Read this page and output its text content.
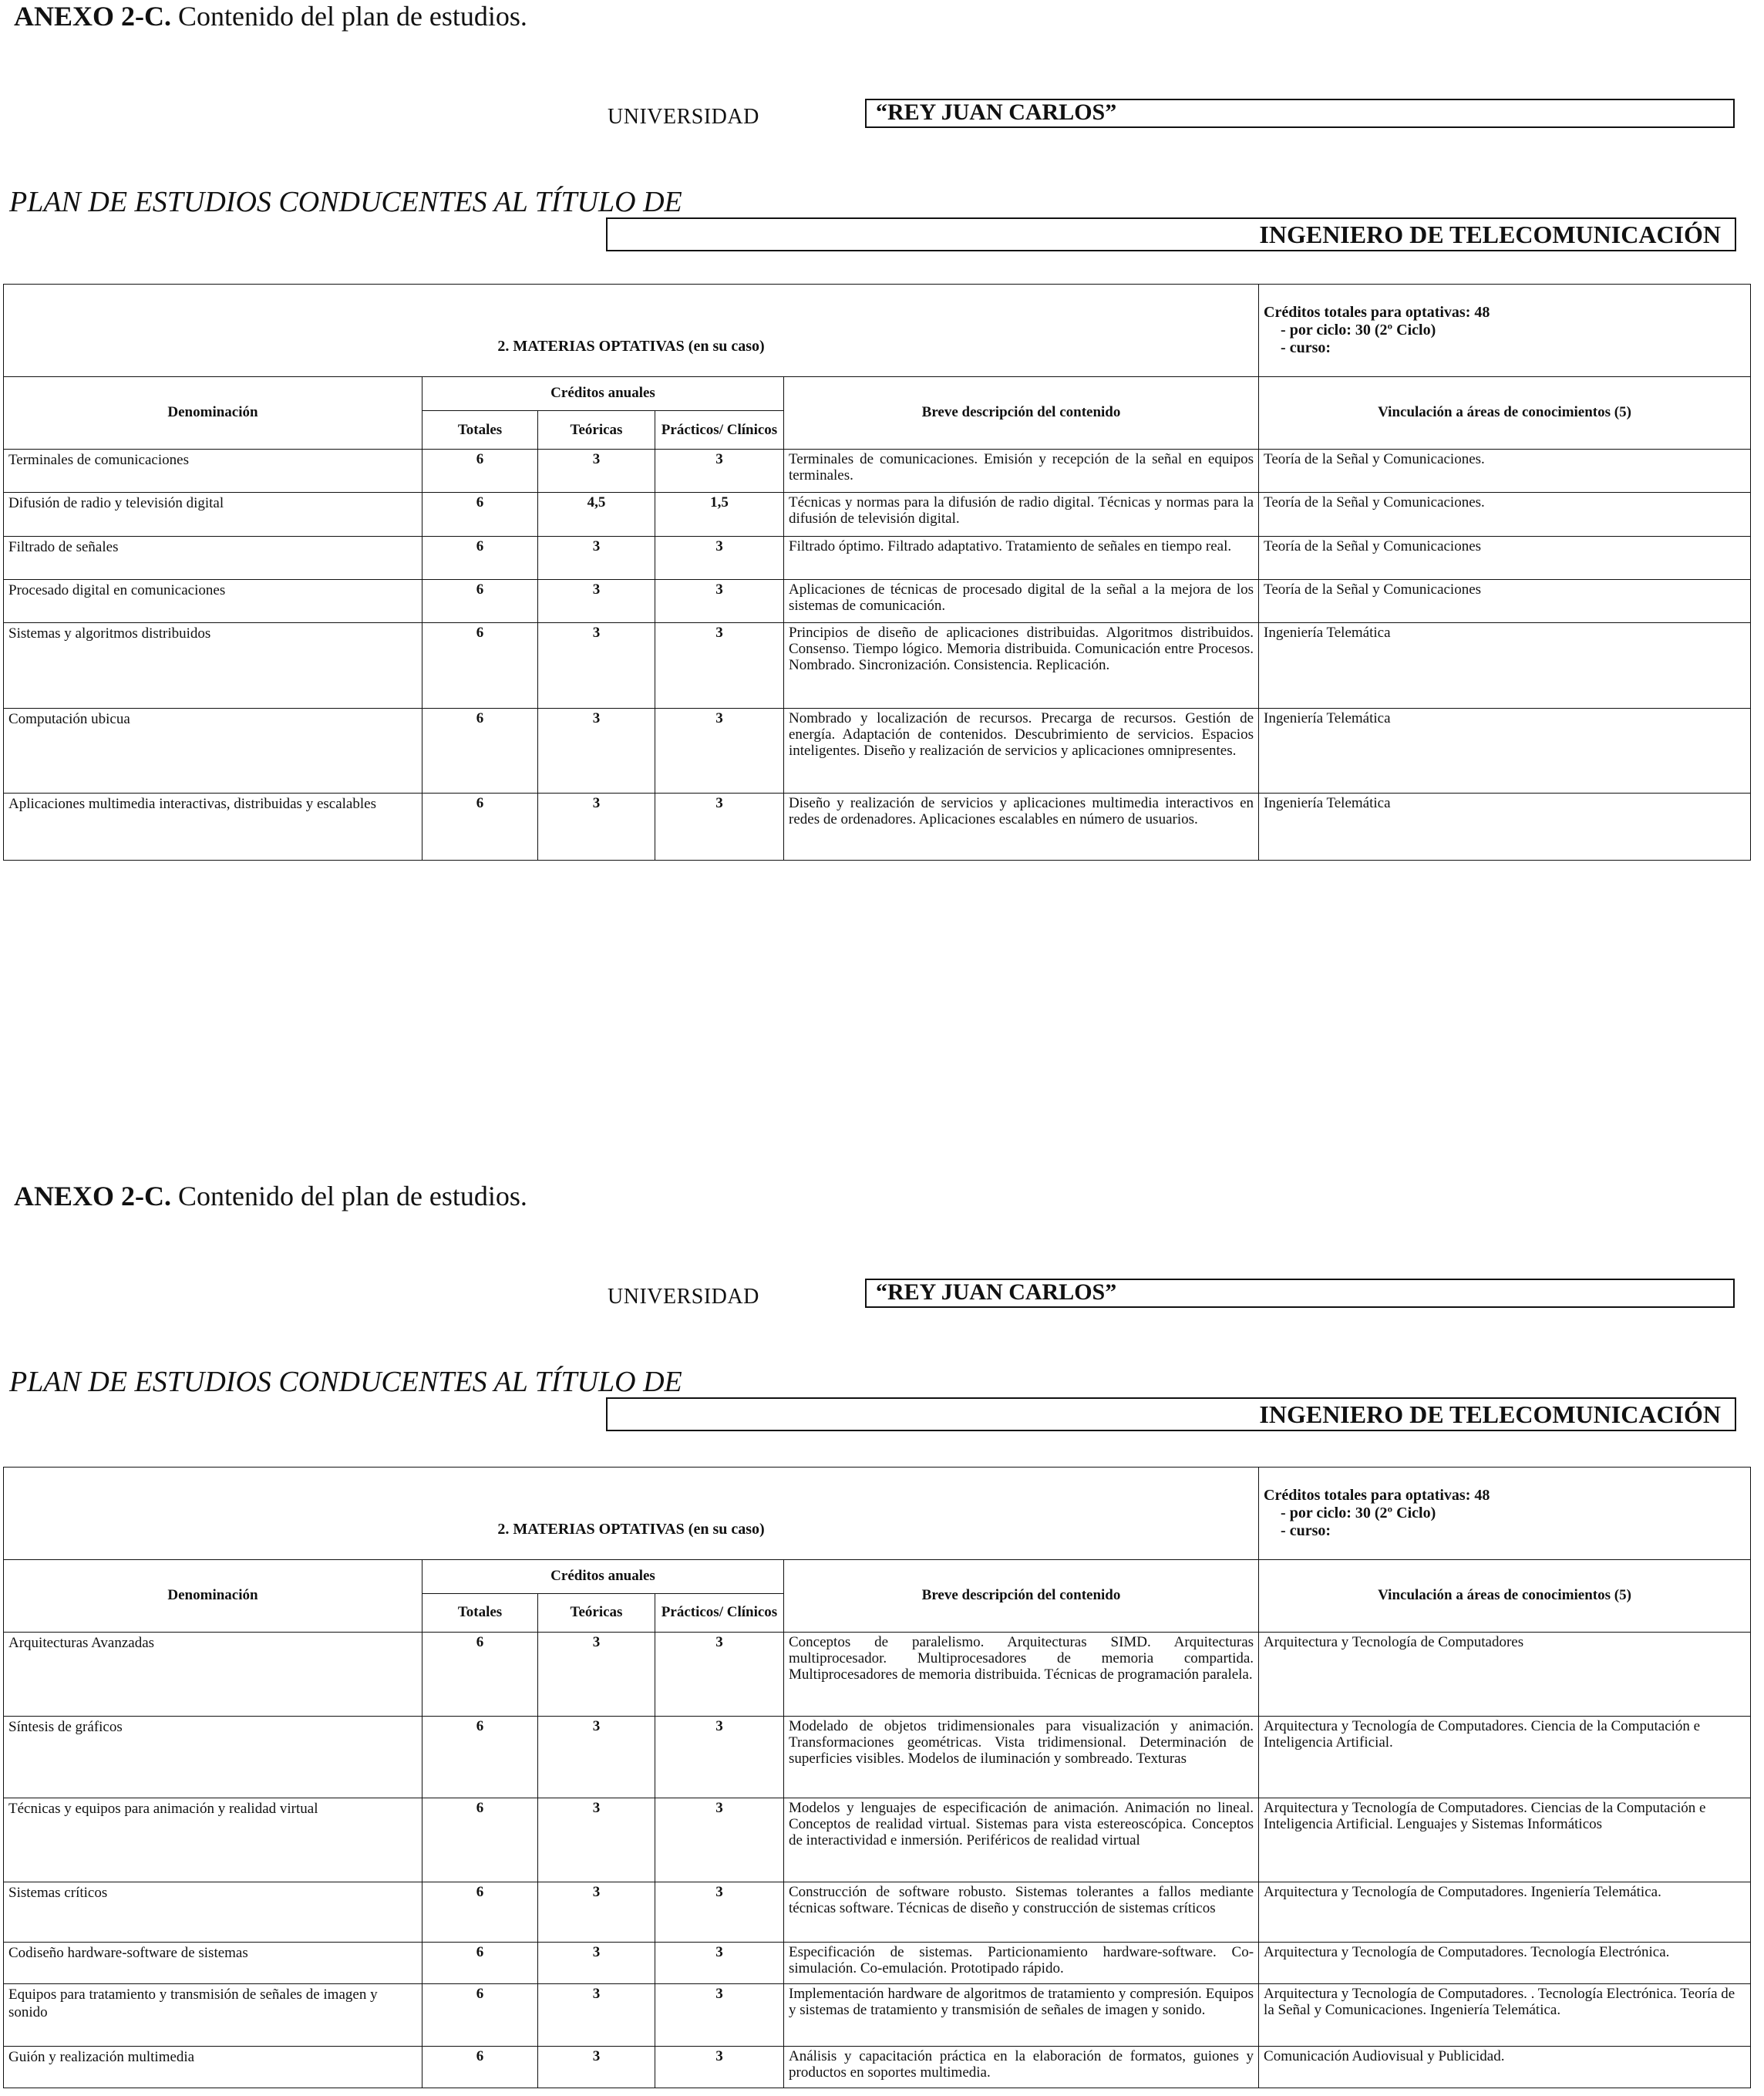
ANEXO 2-C. Contenido del plan de estudios.
UNIVERSIDAD	“REY JUAN CARLOS”
PLAN DE ESTUDIOS CONDUCENTES AL TÍTULO DE
INGENIERO DE TELECOMUNICACIÓN
2. MATERIAS OPTATIVAS (en su caso)					Créditos totales para optativas: 48
- por ciclo: 30 (2º Ciclo)
- curso:

Denominación	Créditos anuales			Breve descripción del contenido	Vinculación a áreas de conocimientos (5)
	Totales	Teóricas	Prácticos/ Clínicos		
Terminales de comunicaciones	6	3	3	Terminales de comunicaciones. Emisión y recepción de la señal en equipos terminales.	Teoría de la Señal y Comunicaciones.
Difusión de radio y televisión digital	6	4,5	1,5	Técnicas y normas para la difusión de radio digital. Técnicas y normas para la difusión de televisión digital.	Teoría de la Señal y Comunicaciones.
Filtrado de señales	6	3	3	Filtrado óptimo. Filtrado adaptativo. Tratamiento de señales en tiempo real.	Teoría de la Señal y Comunicaciones
Procesado digital en comunicaciones	6	3	3	Aplicaciones de técnicas de procesado digital de la señal a la mejora de los sistemas de comunicación.	Teoría de la Señal y Comunicaciones
Sistemas y algoritmos distribuidos	6	3	3	Principios de diseño de aplicaciones distribuidas. Algoritmos distribuidos. Consenso. Tiempo lógico. Memoria distribuida. Comunicación entre Procesos. Nombrado. Sincronización. Consistencia. Replicación.	Ingeniería Telemática
Computación ubicua	6	3	3	Nombrado y localización de recursos. Precarga de recursos. Gestión de energía. Adaptación de contenidos. Descubrimiento de servicios. Espacios inteligentes. Diseño y realización de servicios y aplicaciones omnipresentes.	Ingeniería Telemática
Aplicaciones multimedia interactivas, distribuidas y escalables	6	3	3	Diseño y realización de servicios y aplicaciones multimedia interactivos en redes de ordenadores. Aplicaciones escalables en número de usuarios.	Ingeniería Telemática
ANEXO 2-C. Contenido del plan de estudios.
UNIVERSIDAD	“REY JUAN CARLOS”
PLAN DE ESTUDIOS CONDUCENTES AL TÍTULO DE
INGENIERO DE TELECOMUNICACIÓN
2. MATERIAS OPTATIVAS (en su caso)					Créditos totales para optativas: 48
- por ciclo: 30 (2º Ciclo)
- curso:

Denominación	Créditos anuales			Breve descripción del contenido	Vinculación a áreas de conocimientos (5)
	Totales	Teóricas	Prácticos/ Clínicos		
Arquitecturas Avanzadas	6	3	3	Conceptos de paralelismo. Arquitecturas SIMD. Arquitecturas multiprocesador. Multiprocesadores de memoria compartida. Multiprocesadores de memoria distribuida. Técnicas de programación paralela.	Arquitectura y Tecnología de Computadores
Síntesis de gráficos	6	3	3	Modelado de objetos tridimensionales para visualización y animación. Transformaciones geométricas. Vista tridimensional. Determinación de superficies visibles. Modelos de iluminación y sombreado. Texturas	Arquitectura y Tecnología de Computadores. Ciencia de la Computación e Inteligencia Artificial.
Técnicas y equipos para animación y realidad virtual	6	3	3	Modelos y lenguajes de especificación de animación. Animación no lineal. Conceptos de realidad virtual. Sistemas para vista estereoscópica. Conceptos de interactividad e inmersión. Periféricos de realidad virtual	Arquitectura y Tecnología de Computadores. Ciencias de la Computación e Inteligencia Artificial. Lenguajes y Sistemas Informáticos
Sistemas críticos	6	3	3	Construcción de software robusto. Sistemas tolerantes a fallos mediante técnicas software. Técnicas de diseño y construcción de sistemas críticos	Arquitectura y Tecnología de Computadores. Ingeniería Telemática.
Codiseño hardware-software de sistemas	6	3	3	Especificación de sistemas. Particionamiento hardware-software. Co-simulación. Co-emulación. Prototipado rápido.	Arquitectura y Tecnología de Computadores. Tecnología Electrónica.
Equipos para tratamiento y transmisión de señales de imagen y sonido	6	3	3	Implementación hardware de algoritmos de tratamiento y compresión. Equipos y sistemas de tratamiento y transmisión de señales de imagen y sonido.	Arquitectura y Tecnología de Computadores. . Tecnología Electrónica. Teoría de la Señal y Comunicaciones. Ingeniería Telemática.
Guión y realización multimedia	6	3	3	Análisis y capacitación práctica en la elaboración de formatos, guiones y productos en soportes multimedia.	Comunicación Audiovisual y Publicidad.
